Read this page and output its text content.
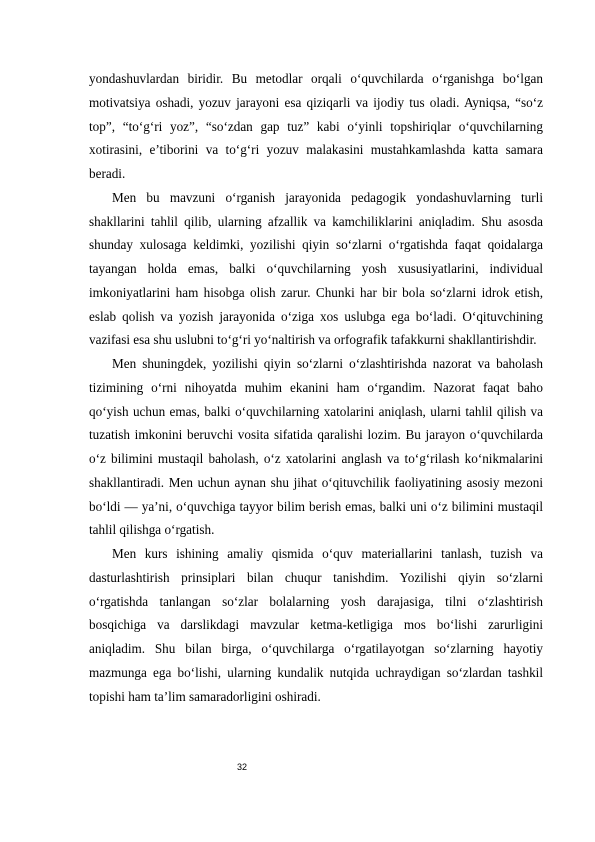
yondashuvlardan biridir. Bu metodlar orqali o‘quvchilarda o‘rganishga bo‘lgan motivatsiya oshadi, yozuv jarayoni esa qiziqarli va ijodiy tus oladi. Ayniqsa, “so‘z top”, “to‘g‘ri yoz”, “so‘zdan gap tuz” kabi o‘yinli topshiriqlar o‘quvchilarning xotirasini, e’tiborini va to‘g‘ri yozuv malakasini mustahkamlashda katta samara beradi.

Men bu mavzuni o‘rganish jarayonida pedagogik yondashuvlarning turli shakllarini tahlil qilib, ularning afzallik va kamchiliklarini aniqladim. Shu asosda shunday xulosaga keldimki, yozilishi qiyin so‘zlarni o‘rgatishda faqat qoidalarga tayangan holda emas, balki o‘quvchilarning yosh xususiyatlarini, individual imkoniyatlarini ham hisobga olish zarur. Chunki har bir bola so‘zlarni idrok etish, eslab qolish va yozish jarayonida o‘ziga xos uslubga ega bo‘ladi. O‘qituvchining vazifasi esa shu uslubni to‘g‘ri yo‘naltirish va orfografik tafakkurni shakllantirishdir.

Men shuningdek, yozilishi qiyin so‘zlarni o‘zlashtirishda nazorat va baholash tizimining o‘rni nihoyatda muhim ekanini ham o‘rgandim. Nazorat faqat baho qo‘yish uchun emas, balki o‘quvchilarning xatolarini aniqlash, ularni tahlil qilish va tuzatish imkonini beruvchi vosita sifatida qaralishi lozim. Bu jarayon o‘quvchilarda o‘z bilimini mustaqil baholash, o‘z xatolarini anglash va to‘g‘rilash ko‘nikmalarini shakllantiradi. Men uchun aynan shu jihat o‘qituvchilik faoliyatining asosiy mezoni bo‘ldi — ya’ni, o‘quvchiga tayyor bilim berish emas, balki uni o‘z bilimini mustaqil tahlil qilishga o‘rgatish.

Men kurs ishining amaliy qismida o‘quv materiallarini tanlash, tuzish va dasturlashtirish prinsiplari bilan chuqur tanishdim. Yozilishi qiyin so‘zlarni o‘rgatishda tanlangan so‘zlar bolalarning yosh darajasiga, tilni o‘zlashtirish bosqichiga va darslikdagi mavzular ketma-ketligiga mos bo‘lishi zarurligini aniqladim. Shu bilan birga, o‘quvchilarga o‘rgatilayotgan so‘zlarning hayotiy mazmunga ega bo‘lishi, ularning kundalik nutqida uchraydigan so‘zlardan tashkil topishi ham ta’lim samaradorligini oshiradi.

32
